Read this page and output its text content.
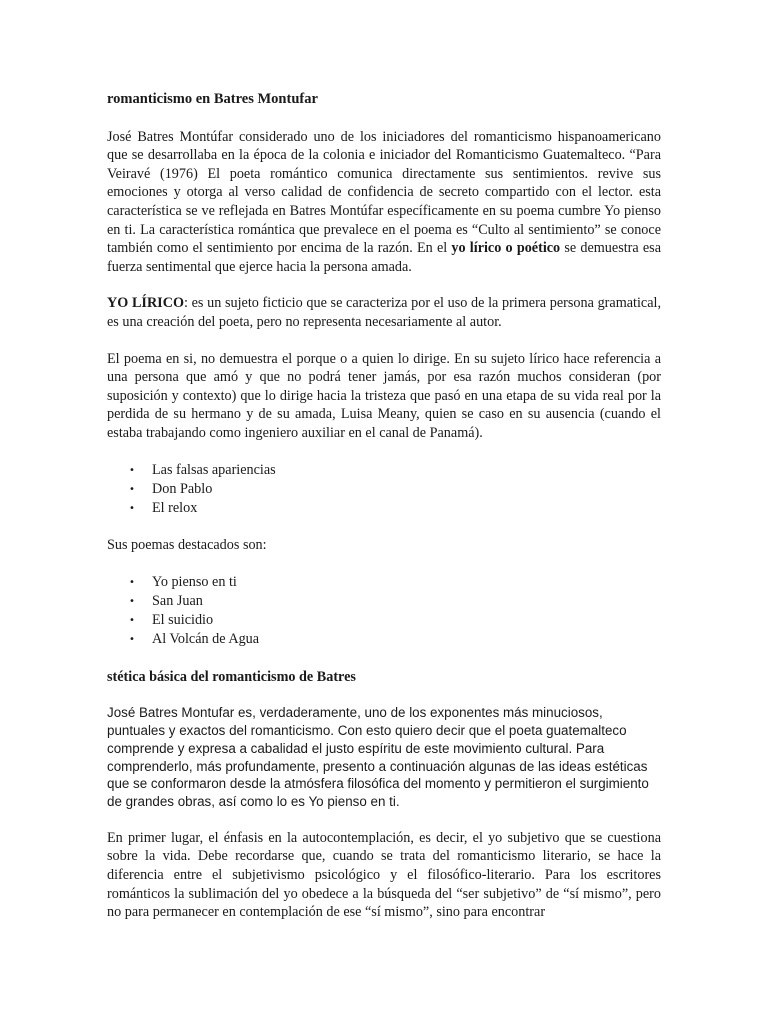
romanticismo en Batres Montufar

José Batres Montúfar considerado uno de los iniciadores del romanticismo hispanoamericano que se desarrollaba en la época de la colonia e iniciador del Romanticismo Guatemalteco. “Para Veiravé (1976) El poeta romántico comunica directamente sus sentimientos. revive sus emociones y otorga al verso calidad de confidencia de secreto compartido con el lector. esta característica se ve reflejada en Batres Montúfar específicamente en su poema cumbre Yo pienso en ti. La característica romántica que prevalece en el poema es “Culto al sentimiento” se conoce también como el sentimiento por encima de la razón. En el yo lírico o poético se demuestra esa fuerza sentimental que ejerce hacia la persona amada.

YO LÍRICO: es un sujeto ficticio que se caracteriza por el uso de la primera persona gramatical, es una creación del poeta, pero no representa necesariamente al autor.

El poema en si, no demuestra el porque o a quien lo dirige. En su sujeto lírico hace referencia a una persona que amó y que no podrá tener jamás, por esa razón muchos consideran (por suposición y contexto) que lo dirige hacia la tristeza que pasó en una etapa de su vida real por la perdida de su hermano y de su amada, Luisa Meany, quien se caso en su ausencia (cuando el estaba trabajando como ingeniero auxiliar en el canal de Panamá).

• Las falsas apariencias
• Don Pablo
• El relox

Sus poemas destacados son:

• Yo pienso en ti
• San Juan
• El suicidio
• Al Volcán de Agua
stética básica del romanticismo de Batres

José Batres Montufar es, verdaderamente, uno de los exponentes más minuciosos, puntuales y exactos del romanticismo. Con esto quiero decir que el poeta guatemalteco comprende y expresa a cabalidad el justo espíritu de este movimiento cultural. Para comprenderlo, más profundamente, presento a continuación algunas de las ideas estéticas que se conformaron desde la atmósfera filosófica del momento y permitieron el surgimiento de grandes obras, así como lo es Yo pienso en ti.

En primer lugar, el énfasis en la autocontemplación, es decir, el yo subjetivo que se cuestiona sobre la vida. Debe recordarse que, cuando se trata del romanticismo literario, se hace la diferencia entre el subjetivismo psicológico y el filosófico-literario. Para los escritores románticos la sublimación del yo obedece a la búsqueda del “ser subjetivo” de “sí mismo”, pero no para permanecer en contemplación de ese “sí mismo”, sino para encontrar
